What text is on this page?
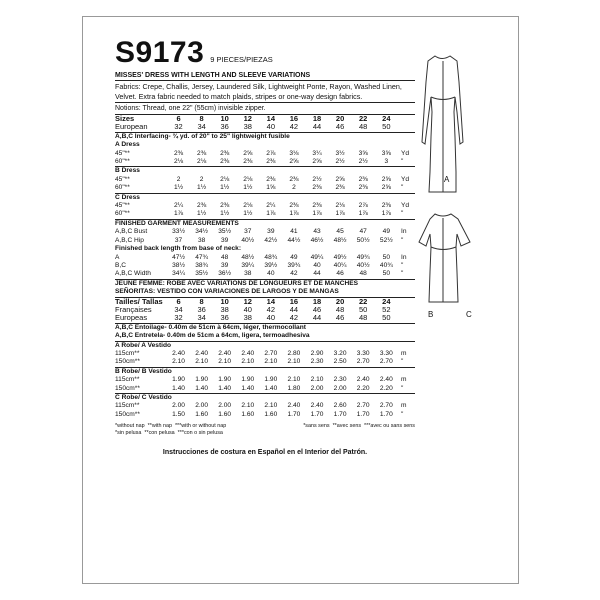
S9173 9 PIECES/PIEZAS
MISSES' DRESS WITH LENGTH AND SLEEVE VARIATIONS
Fabrics: Crepe, Challis, Jersey, Laundered Silk, Lightweight Ponte, Rayon, Washed Linen, Velvet. Extra fabric needed to match plaids, stripes or one-way design fabrics.
Notions: Thread, one 22" (55cm) invisible zipper.
Sizes	6	8	10	12	14	16	18	20	22	24	
European	32	34	36	38	40	42	44	46	48	50	
A,B,C Interfacing- ¾ yd. of 20" to 25" lightweight fusible											
A Dress											
45"**	2⅜	2⅜	2⅜	2⅝	2⅞	3⅛	3¼	3½	3⅝	3⅝	Yd
60"**	2⅛	2⅛	2⅜	2⅜	2⅜	2⅝	2⅝	2½	2½	3	"
B Dress											
45"**	2	2	2⅛	2⅛	2⅜	2⅜	2½	2⅝	2⅜	2⅝	Yd
60"**	1½	1½	1½	1½	1⅝	2	2⅜	2⅜	2⅜	2⅝	"
C Dress											
45"**	2¼	2⅜	2⅜	2⅛	2¼	2⅜	2⅜	2⅛	2⅞	2⅜	Yd
60"**	1⅞	1½	1½	1½	1⅞	1⅞	1⅞	1⅞	1⅞	1⅞	"
FINISHED GARMENT MEASUREMENTS											
A,B,C Bust	33½	34½	35½	37	39	41	43	45	47	49	In
A,B,C Hip	37	38	39	40½	42½	44½	46½	48½	50½	52½	"
Finished back length from base of neck:											
A	47½	47¾	48	48½	48¾	49	49¼	49½	49¾	50	In
B,C	38½	38¾	39	39¼	39½	39¾	40	40¼	40½	40¾	"
A,B,C Width	34¼	35½	36½	38	40	42	44	46	48	50	"
JEUNE FEMME: ROBE AVEC VARIATIONS DE LONGUEURS ET DE MANCHES											
SEÑORITAS: VESTIDO CON VARIACIONES DE LARGOS Y DE MANGAS											
Tailles/ Tallas	6	8	10	12	14	16	18	20	22	24	
Françaises	34	36	38	40	42	44	46	48	50	52	
Europeas	32	34	36	38	40	42	44	46	48	50	
A,B,C Entoilage- 0.40m de 51cm à 64cm, léger, thermocollant											
A,B,C Entretela- 0.40m de 51cm a 64cm, ligera, termoadhesiva											
A Robe/ A Vestido											
115cm**	2.40	2.40	2.40	2.40	2.70	2.80	2.90	3.20	3.30	3.30	m
150cm**	2.10	2.10	2.10	2.10	2.10	2.10	2.30	2.50	2.70	2.70	"
B Robe/ B Vestido											
115cm**	1.90	1.90	1.90	1.90	1.90	2.10	2.10	2.30	2.40	2.40	m
150cm**	1.40	1.40	1.40	1.40	1.40	1.80	2.00	2.00	2.20	2.20	"
C Robe/ C Vestido											
115cm**	2.00	2.00	2.00	2.10	2.10	2.40	2.40	2.60	2.70	2.70	m
150cm**	1.50	1.60	1.60	1.60	1.60	1.70	1.70	1.70	1.70	1.70	"
*without nap **with nap ***with or without nap
*sin pelusa **con pelusa ***con o sin pelusa
*sans sens **avec sens ***avec ou sans sens
Instrucciones de costura en Español en el Interior del Patrón.
A
B	C
